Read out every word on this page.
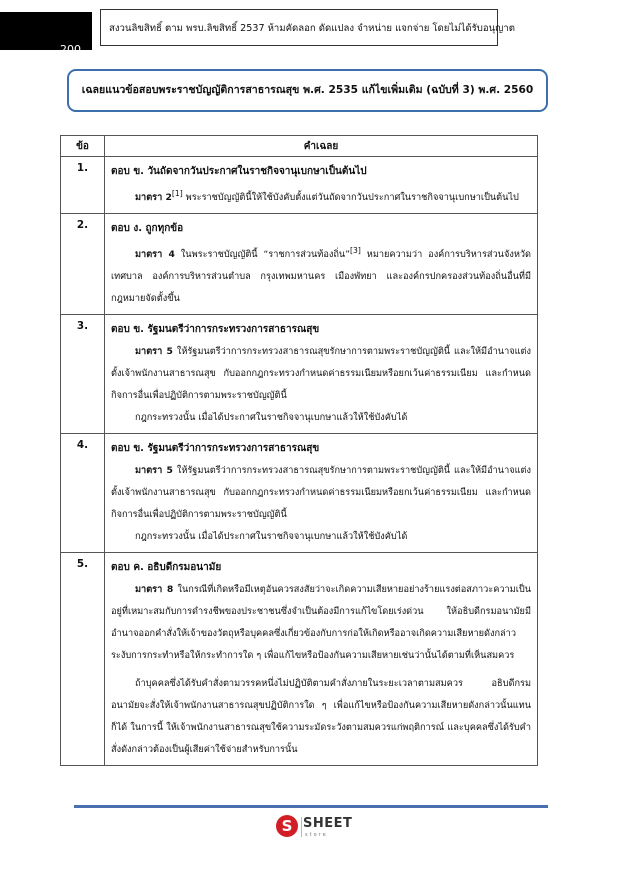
200
สงวนลิขสิทธิ์ ตาม พรบ.ลิขสิทธิ์ 2537 ห้ามคัดลอก ดัดแปลง จำหน่าย แจกจ่าย โดยไม่ได้รับอนุญาต
เฉลยแนวข้อสอบพระราชบัญญัติการสาธารณสุข พ.ศ. 2535 แก้ไขเพิ่มเติม (ฉบับที่ 3) พ.ศ. 2560
ข้อ	คำเฉลย
1.	ตอบ ข. วันถัดจากวันประกาศในราชกิจจานุเบกษาเป็นต้นไป
มาตรา 2[1] พระราชบัญญัตินี้ให้ใช้บังคับตั้งแต่วันถัดจากวันประกาศในราชกิจจานุเบกษาเป็นต้นไป

2.	ตอบ ง. ถูกทุกข้อ
มาตรา 4 ในพระราชบัญญัตินี้ “ราชการส่วนท้องถิ่น”[3] หมายความว่า องค์การบริหารส่วนจังหวัด เทศบาล องค์การบริหารส่วนตำบล กรุงเทพมหานคร เมืองพัทยา และองค์กรปกครองส่วนท้องถิ่นอื่นที่มีกฎหมายจัดตั้งขึ้น

3.	ตอบ ข. รัฐมนตรีว่าการกระทรวงการสาธารณสุข
มาตรา 5 ให้รัฐมนตรีว่าการกระทรวงสาธารณสุขรักษาการตามพระราชบัญญัตินี้ และให้มีอำนาจแต่งตั้งเจ้าพนักงานสาธารณสุข กับออกกฎกระทรวงกำหนดค่าธรรมเนียมหรือยกเว้นค่าธรรมเนียม และกำหนดกิจการอื่นเพื่อปฏิบัติการตามพระราชบัญญัตินี้
กฎกระทรวงนั้น เมื่อได้ประกาศในราชกิจจานุเบกษาแล้วให้ใช้บังคับได้

4.	ตอบ ข. รัฐมนตรีว่าการกระทรวงการสาธารณสุข
มาตรา 5 ให้รัฐมนตรีว่าการกระทรวงสาธารณสุขรักษาการตามพระราชบัญญัตินี้ และให้มีอำนาจแต่งตั้งเจ้าพนักงานสาธารณสุข กับออกกฎกระทรวงกำหนดค่าธรรมเนียมหรือยกเว้นค่าธรรมเนียม และกำหนดกิจการอื่นเพื่อปฏิบัติการตามพระราชบัญญัตินี้
กฎกระทรวงนั้น เมื่อได้ประกาศในราชกิจจานุเบกษาแล้วให้ใช้บังคับได้

5.	ตอบ ค. อธิบดีกรมอนามัย
มาตรา 8 ในกรณีที่เกิดหรือมีเหตุอันควรสงสัยว่าจะเกิดความเสียหายอย่างร้ายแรงต่อสภาวะความเป็นอยู่ที่เหมาะสมกับการดำรงชีพของประชาชนซึ่งจำเป็นต้องมีการแก้ไขโดยเร่งด่วน ให้อธิบดีกรมอนามัยมีอำนาจออกคำสั่งให้เจ้าของวัตถุหรือบุคคลซึ่งเกี่ยวข้องกับการก่อให้เกิดหรืออาจเกิดความเสียหายดังกล่าวระงับการกระทำหรือให้กระทำการใด ๆ เพื่อแก้ไขหรือป้องกันความเสียหายเช่นว่านั้นได้ตามที่เห็นสมควร
ถ้าบุคคลซึ่งได้รับคำสั่งตามวรรคหนึ่งไม่ปฏิบัติตามคำสั่งภายในระยะเวลาตามสมควร อธิบดีกรมอนามัยจะสั่งให้เจ้าพนักงานสาธารณสุขปฏิบัติการใด ๆ เพื่อแก้ไขหรือป้องกันความเสียหายดังกล่าวนั้นแทนก็ได้ ในการนี้ ให้เจ้าพนักงานสาธารณสุขใช้ความระมัดระวังตามสมควรแก่พฤติการณ์ และบุคคลซึ่งได้รับคำสั่งดังกล่าวต้องเป็นผู้เสียค่าใช้จ่ายสำหรับการนั้น
S SHEET
store
